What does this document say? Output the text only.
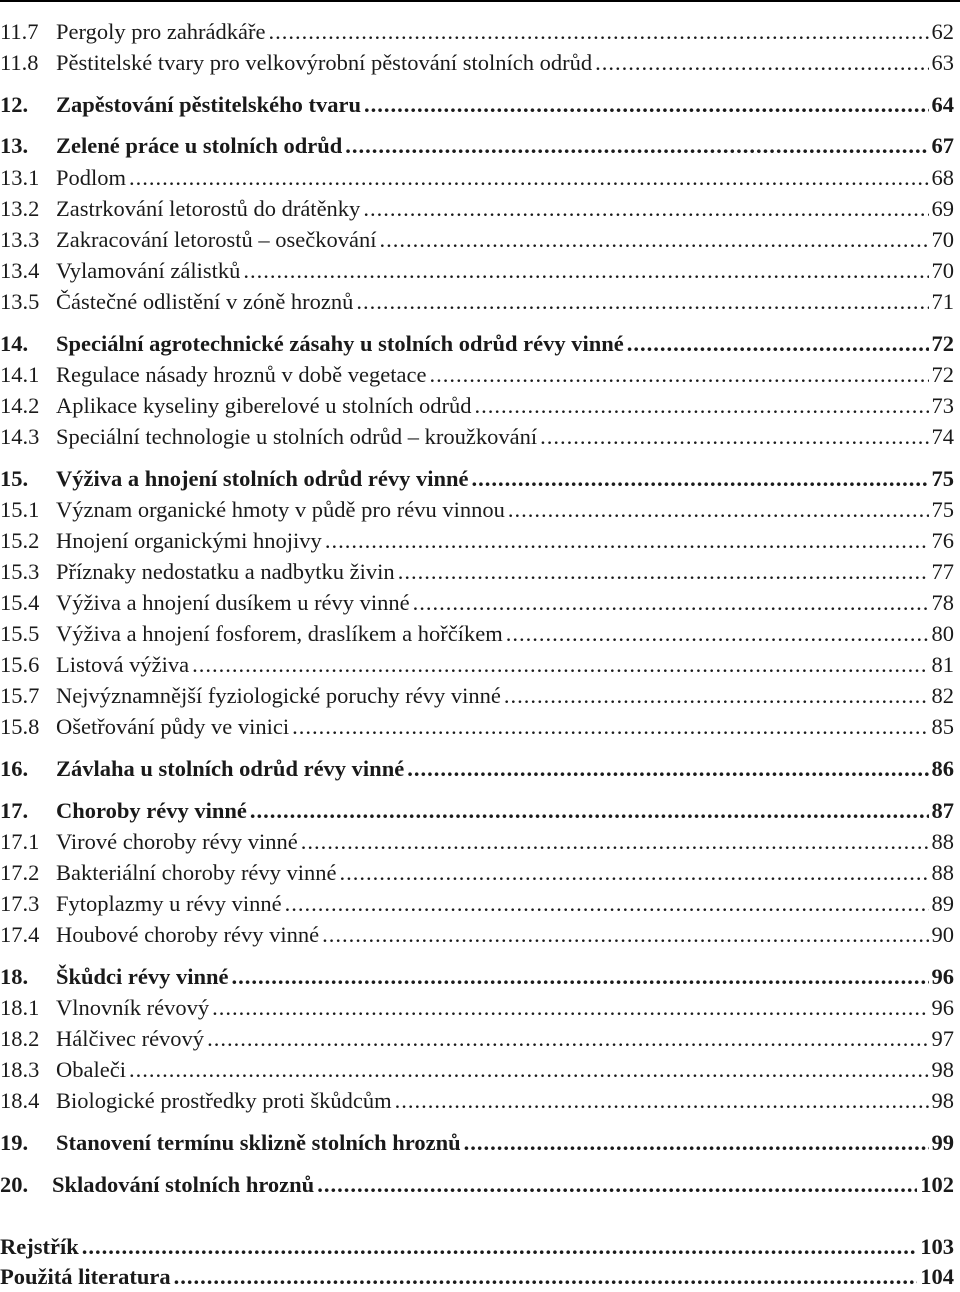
11.7 Pergoly pro zahrádkáře .....	62
11.8 Pěstitelské tvary pro velkovýrobní pěstování stolních odrůd .....	63
12.	Zapěstování pěstitelského tvaru .....	64
13.	Zelené práce u stolních odrůd .....	67
13.1 Podlom .....	68
13.2 Zastrkování letorostů do drátěnky .....	69
13.3 Zakracování letorostů – osečkování .....	70
13.4 Vylamování zálistků .....	70
13.5 Částečné odlistění v zóně hroznů .....	71
14.	Speciální agrotechnické zásahy u stolních odrůd révy vinné .....	72
14.1 Regulace násady hroznů v době vegetace .....	72
14.2 Aplikace kyseliny giberelové u stolních odrůd .....	73
14.3 Speciální technologie u stolních odrůd – kroužkování .....	74
15.	Výživa a hnojení stolních odrůd révy vinné .....	75
15.1 Význam organické hmoty v půdě pro révu vinnou .....	75
15.2 Hnojení organickými hnojivy .....	76
15.3 Příznaky nedostatku a nadbytku živin .....	77
15.4 Výživa a hnojení dusíkem u révy vinné .....	78
15.5 Výživa a hnojení fosforem, draslíkem a hořčíkem .....	80
15.6 Listová výživa .....	81
15.7 Nejvýznamnější fyziologické poruchy révy vinné .....	82
15.8 Ošetřování půdy ve vinici .....	85
16.	Závlaha u stolních odrůd révy vinné .....	86
17.	Choroby révy vinné .....	87
17.1 Virové choroby révy vinné .....	88
17.2 Bakteriální choroby révy vinné .....	88
17.3 Fytoplazmy u révy vinné .....	89
17.4 Houbové choroby révy vinné .....	90
18.	Škůdci révy vinné .....	96
18.1 Vlnovník révový .....	96
18.2 Hálčivec révový .....	97
18.3 Obaleči .....	98
18.4 Biologické prostředky proti škůdcům .....	98
19.	Stanovení termínu sklizně stolních hroznů .....	99
20.	Skladování stolních hroznů .....	102
Rejstřík .....	103
Použitá literatura .....	104
